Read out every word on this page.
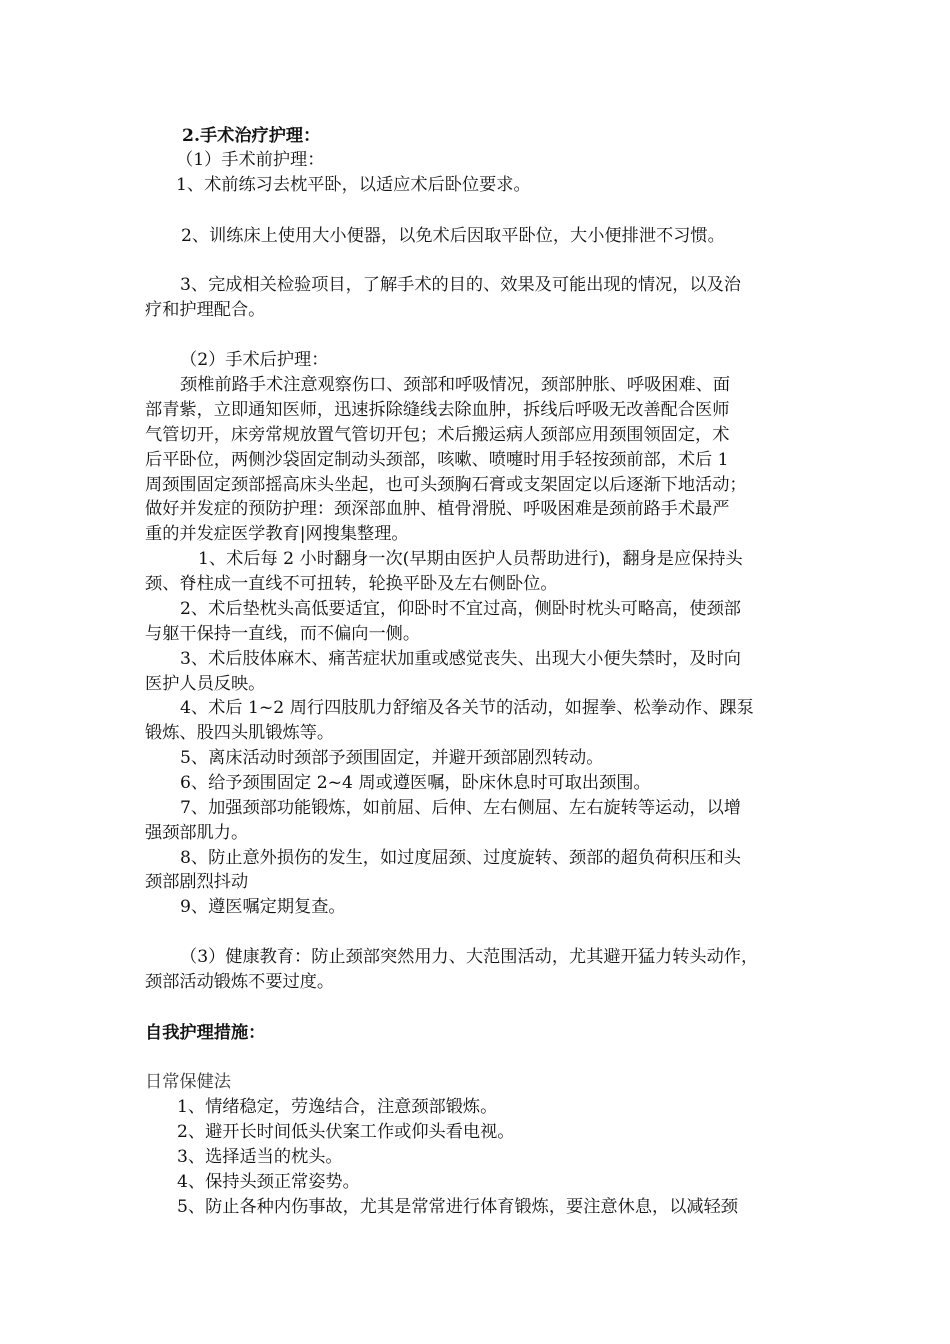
2.手术治疗护理：
（1）手术前护理：
1、术前练习去枕平卧，以适应术后卧位要求。
2、训练床上使用大小便器，以免术后因取平卧位，大小便排泄不习惯。
3、完成相关检验项目，了解手术的目的、效果及可能出现的情况，以及治
疗和护理配合。
（2）手术后护理：
颈椎前路手术注意观察伤口、颈部和呼吸情况，颈部肿胀、呼吸困难、面
部青紫，立即通知医师，迅速拆除缝线去除血肿，拆线后呼吸无改善配合医师
气管切开，床旁常规放置气管切开包；术后搬运病人颈部应用颈围领固定，术
后平卧位，两侧沙袋固定制动头颈部，咳嗽、喷嚏时用手轻按颈前部，术后 1
周颈围固定颈部摇高床头坐起，也可头颈胸石膏或支架固定以后逐渐下地活动；
做好并发症的预防护理：颈深部血肿、植骨滑脱、呼吸困难是颈前路手术最严
重的并发症医学教育|网搜集整理。
1、术后每 2 小时翻身一次(早期由医护人员帮助进行)，翻身是应保持头
颈、脊柱成一直线不可扭转，轮换平卧及左右侧卧位。
2、术后垫枕头高低要适宜，仰卧时不宜过高，侧卧时枕头可略高，使颈部
与躯干保持一直线，而不偏向一侧。
3、术后肢体麻木、痛苦症状加重或感觉丧失、出现大小便失禁时，及时向
医护人员反映。
4、术后 1~2 周行四肢肌力舒缩及各关节的活动，如握拳、松拳动作、踝泵
锻炼、股四头肌锻炼等。
5、离床活动时颈部予颈围固定，并避开颈部剧烈转动。
6、给予颈围固定 2~4 周或遵医嘱，卧床休息时可取出颈围。
7、加强颈部功能锻炼，如前屈、后伸、左右侧屈、左右旋转等运动，以增
强颈部肌力。
8、防止意外损伤的发生，如过度屈颈、过度旋转、颈部的超负荷积压和头
颈部剧烈抖动
9、遵医嘱定期复查。
（3）健康教育：防止颈部突然用力、大范围活动，尤其避开猛力转头动作，
颈部活动锻炼不要过度。
自我护理措施：
日常保健法
1、情绪稳定，劳逸结合，注意颈部锻炼。
2、避开长时间低头伏案工作或仰头看电视。
3、选择适当的枕头。
4、保持头颈正常姿势。
5、防止各种内伤事故，尤其是常常进行体育锻炼，要注意休息，以减轻颈
